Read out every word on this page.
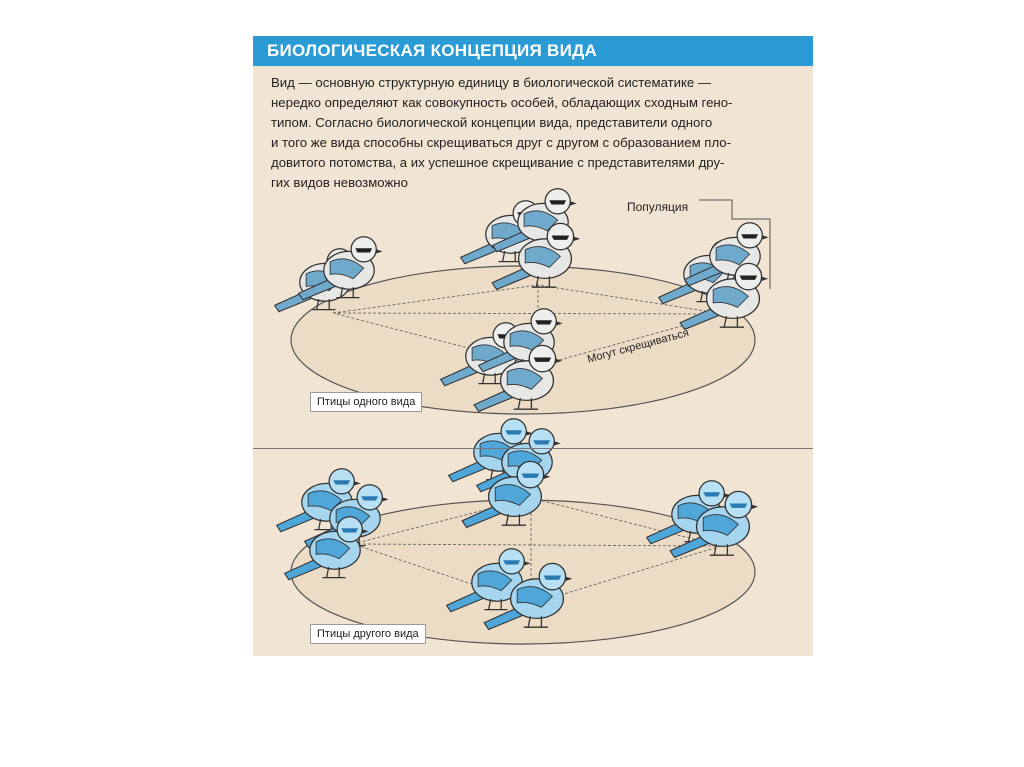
БИОЛОГИЧЕСКАЯ КОНЦЕПЦИЯ ВИДА
Вид — основную структурную единицу в биологической систематике —
нередко определяют как совокупность особей, обладающих сходным гено-
типом. Согласно биологической концепции вида, представители одного
и того же вида способны скрещиваться друг с другом с образованием пло-
довитого потомства, а их успешное скрещивание с представителями дру-
гих видов невозможно
Популяция
Могут скрещиваться
Птицы одного вида
Птицы другого вида
